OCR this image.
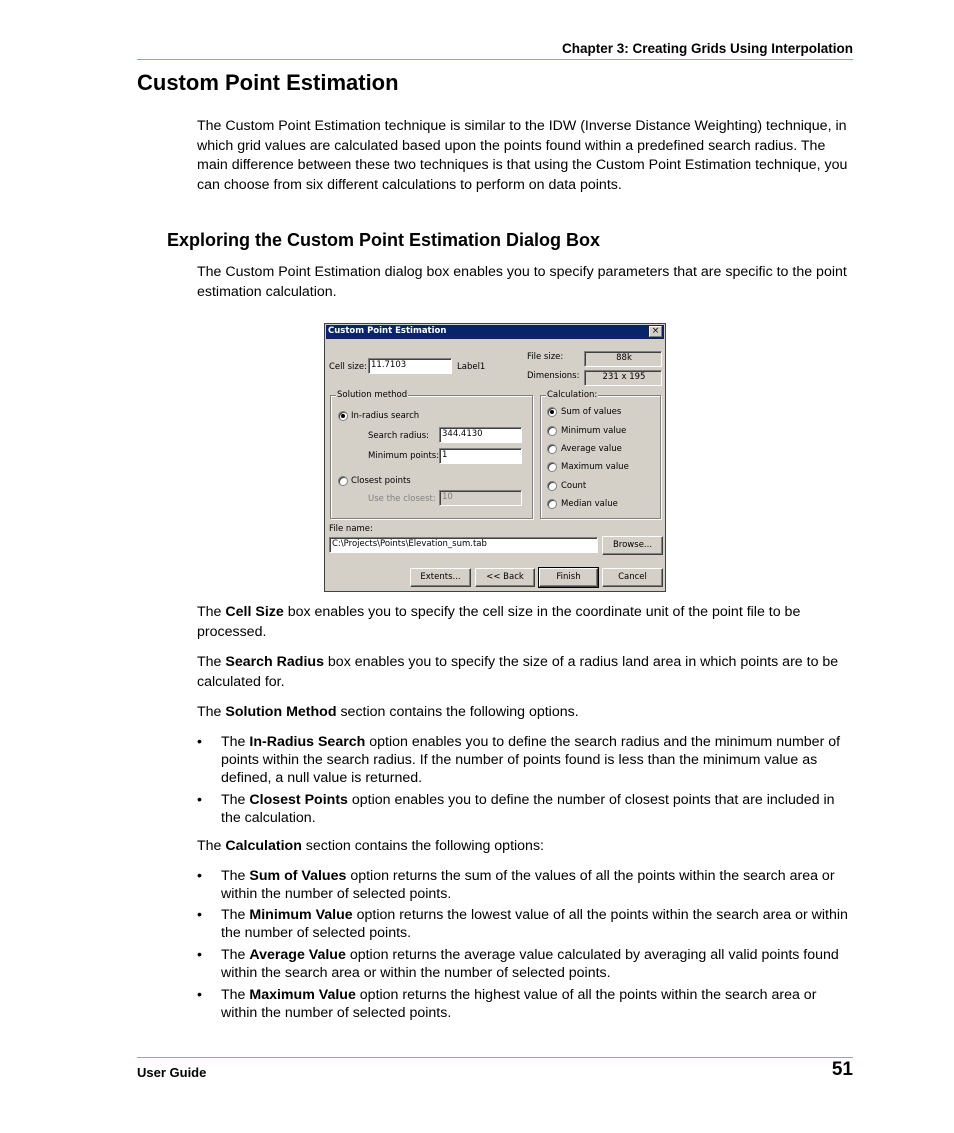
Chapter 3: Creating Grids Using Interpolation
Custom Point Estimation
The Custom Point Estimation technique is similar to the IDW (Inverse Distance Weighting) technique, in which grid values are calculated based upon the points found within a predefined search radius. The main difference between these two techniques is that using the Custom Point Estimation technique, you can choose from six different calculations to perform on data points.
Exploring the Custom Point Estimation Dialog Box
The Custom Point Estimation dialog box enables you to specify parameters that are specific to the point estimation calculation.
Custom Point Estimation	×
Cell size: 11.7103	Label1
File size:	88k
Dimensions:	231 x 195
Solution method
In-radius search
Search radius:	344.4130
Minimum points: 1
Closest points
Use the closest: 10
Calculation:
Sum of values
Minimum value
Average value
Maximum value
Count
Median value
File name:
C:\Projects\Points\Elevation_sum.tab	Browse...
Extents...	<< Back	Finish	Cancel
The Cell Size box enables you to specify the cell size in the coordinate unit of the point file to be processed.
The Search Radius box enables you to specify the size of a radius land area in which points are to be calculated for.
The Solution Method section contains the following options.
• The In-Radius Search option enables you to define the search radius and the minimum number of points within the search radius. If the number of points found is less than the minimum value as defined, a null value is returned.
• The Closest Points option enables you to define the number of closest points that are included in the calculation.
The Calculation section contains the following options:
• The Sum of Values option returns the sum of the values of all the points within the search area or within the number of selected points.
• The Minimum Value option returns the lowest value of all the points within the search area or within the number of selected points.
• The Average Value option returns the average value calculated by averaging all valid points found within the search area or within the number of selected points.
• The Maximum Value option returns the highest value of all the points within the search area or within the number of selected points.
User Guide	51
